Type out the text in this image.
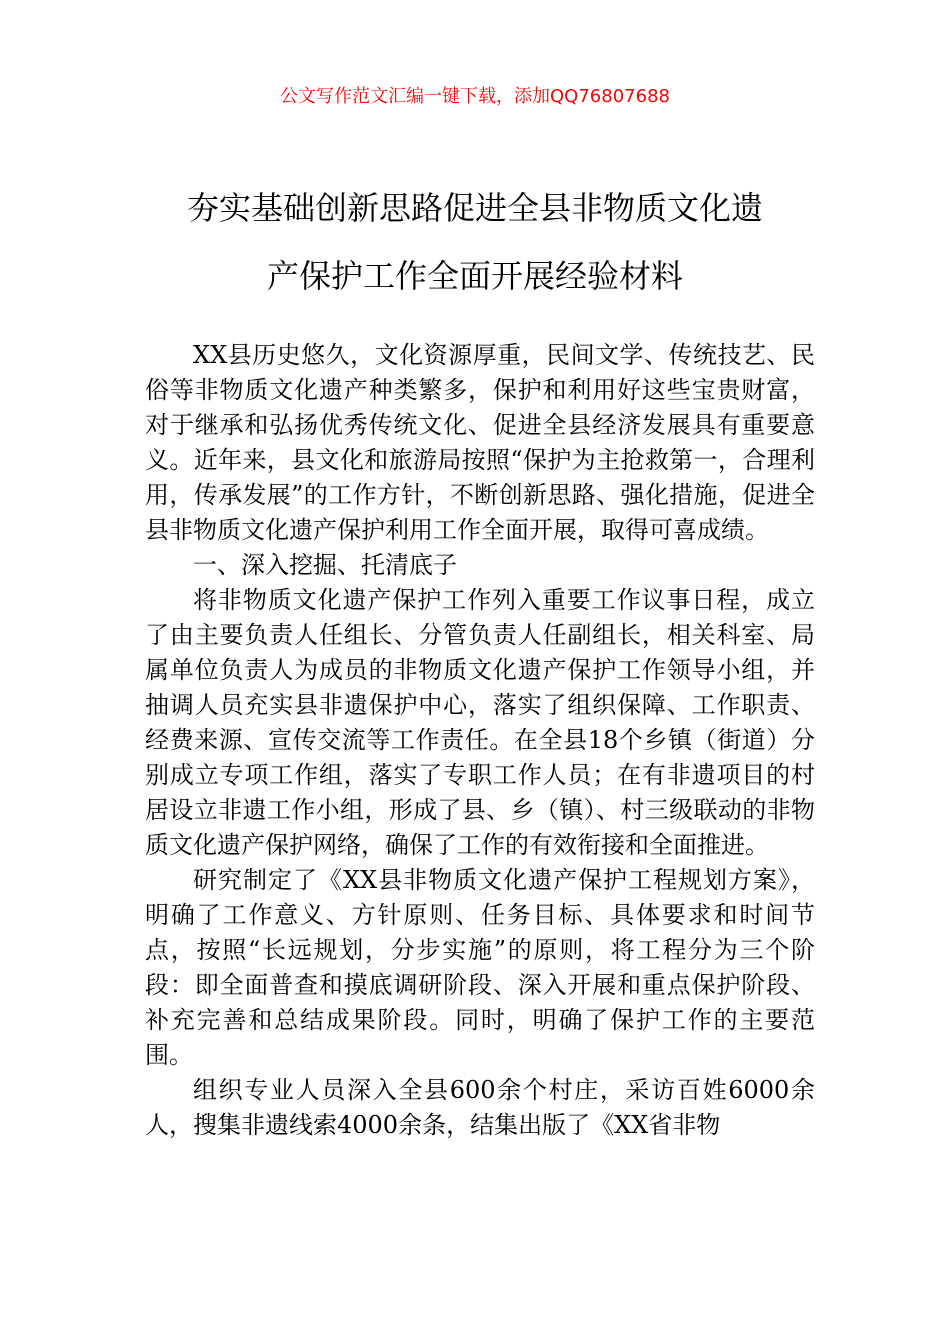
公文写作范文汇编一键下载，添加QQ76807688
夯实基础创新思路促进全县非物质文化遗
产保护工作全面开展经验材料

XX县历史悠久，文化资源厚重，民间文学、传统技艺、民俗等非物质文化遗产种类繁多，保护和利用好这些宝贵财富，对于继承和弘扬优秀传统文化、促进全县经济发展具有重要意义。近年来，县文化和旅游局按照“保护为主抢救第一，合理利用，传承发展”的工作方针，不断创新思路、强化措施，促进全县非物质文化遗产保护利用工作全面开展，取得可喜成绩。

一、深入挖掘、托清底子

将非物质文化遗产保护工作列入重要工作议事日程，成立了由主要负责人任组长、分管负责人任副组长，相关科室、局属单位负责人为成员的非物质文化遗产保护工作领导小组，并抽调人员充实县非遗保护中心，落实了组织保障、工作职责、经费来源、宣传交流等工作责任。在全县18个乡镇（街道）分别成立专项工作组，落实了专职工作人员；在有非遗项目的村居设立非遗工作小组，形成了县、乡（镇）、村三级联动的非物质文化遗产保护网络，确保了工作的有效衔接和全面推进。

研究制定了《XX县非物质文化遗产保护工程规划方案》，明确了工作意义、方针原则、任务目标、具体要求和时间节点，按照“长远规划，分步实施”的原则，将工程分为三个阶段：即全面普查和摸底调研阶段、深入开展和重点保护阶段、补充完善和总结成果阶段。同时，明确了保护工作的主要范围。

组织专业人员深入全县600余个村庄，采访百姓6000余人，搜集非遗线索4000余条，结集出版了《XX省非物
